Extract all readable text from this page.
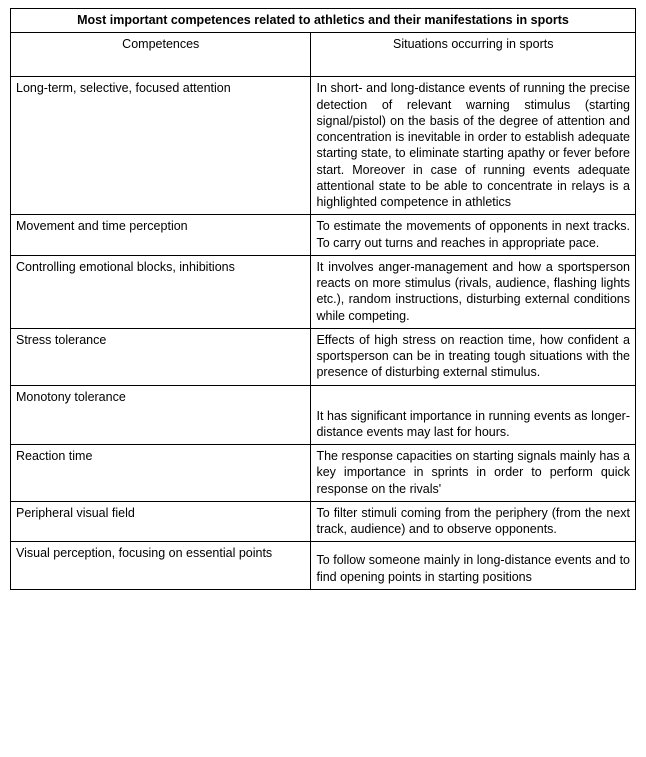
Most important competences related to athletics and their manifestations in sports	
Competences	Situations occurring in sports
Long-term, selective, focused attention	In short- and long-distance events of running the precise detection of relevant warning stimulus (starting signal/pistol) on the basis of the degree of attention and concentration is inevitable in order to establish adequate starting state, to eliminate starting apathy or fever before start. Moreover in case of running events adequate attentional state to be able to concentrate in relays is a highlighted competence in athletics
Movement and time perception	To estimate the movements of opponents in next tracks. To carry out turns and reaches in appropriate pace.
Controlling emotional blocks, inhibitions	It involves anger-management and how a sportsperson reacts on more stimulus (rivals, audience, flashing lights etc.), random instructions, disturbing external conditions while competing.
Stress tolerance	Effects of high stress on reaction time, how confident a sportsperson can be in treating tough situations with the presence of disturbing external stimulus.
Monotony tolerance	It has significant importance in running events as longer-distance events may last for hours.
Reaction time	The response capacities on starting signals mainly has a key importance in sprints in order to perform quick response on the rivals'
Peripheral visual field	To filter stimuli coming from the periphery (from the next track, audience) and to observe opponents.
Visual perception, focusing on essential points	To follow someone mainly in long-distance events and to find opening points in starting positions
